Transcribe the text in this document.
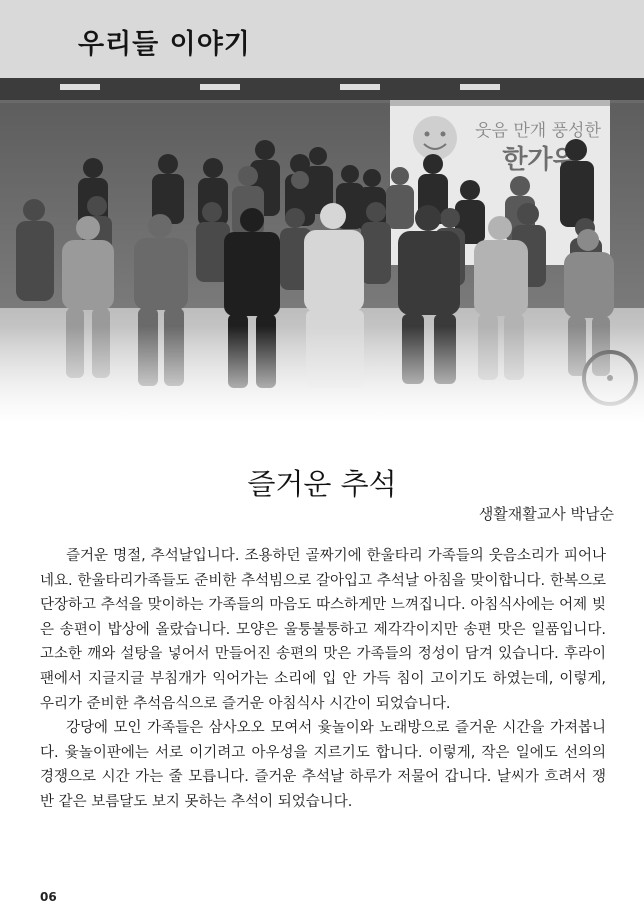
우리들 이야기
즐거운 추석
생활재활교사 박남순

즐거운 명절, 추석날입니다. 조용하던 골짜기에 한울타리 가족들의 웃음소리가 피어나네요. 한울타리가족들도 준비한 추석빔으로 갈아입고 추석날 아침을 맞이합니다. 한복으로 단장하고 추석을 맞이하는 가족들의 마음도 따스하게만 느껴집니다. 아침식사에는 어제 빚은 송편이 밥상에 올랐습니다. 모양은 울퉁불퉁하고 제각각이지만 송편 맛은 일품입니다. 고소한 깨와 설탕을 넣어서 만들어진 송편의 맛은 가족들의 정성이 담겨 있습니다. 후라이팬에서 지글지글 부침개가 익어가는 소리에 입 안 가득 침이 고이기도 하였는데, 이렇게, 우리가 준비한 추석음식으로 즐거운 아침식사 시간이 되었습니다.

강당에 모인 가족들은 삼사오오 모여서 윷놀이와 노래방으로 즐거운 시간을 가져봅니다. 윷놀이판에는 서로 이기려고 아우성을 지르기도 합니다. 이렇게, 작은 일에도 선의의 경쟁으로 시간 가는 줄 모릅니다. 즐거운 추석날 하루가 저물어 갑니다. 날씨가 흐려서 쟁반 같은 보름달도 보지 못하는 추석이 되었습니다.

06
